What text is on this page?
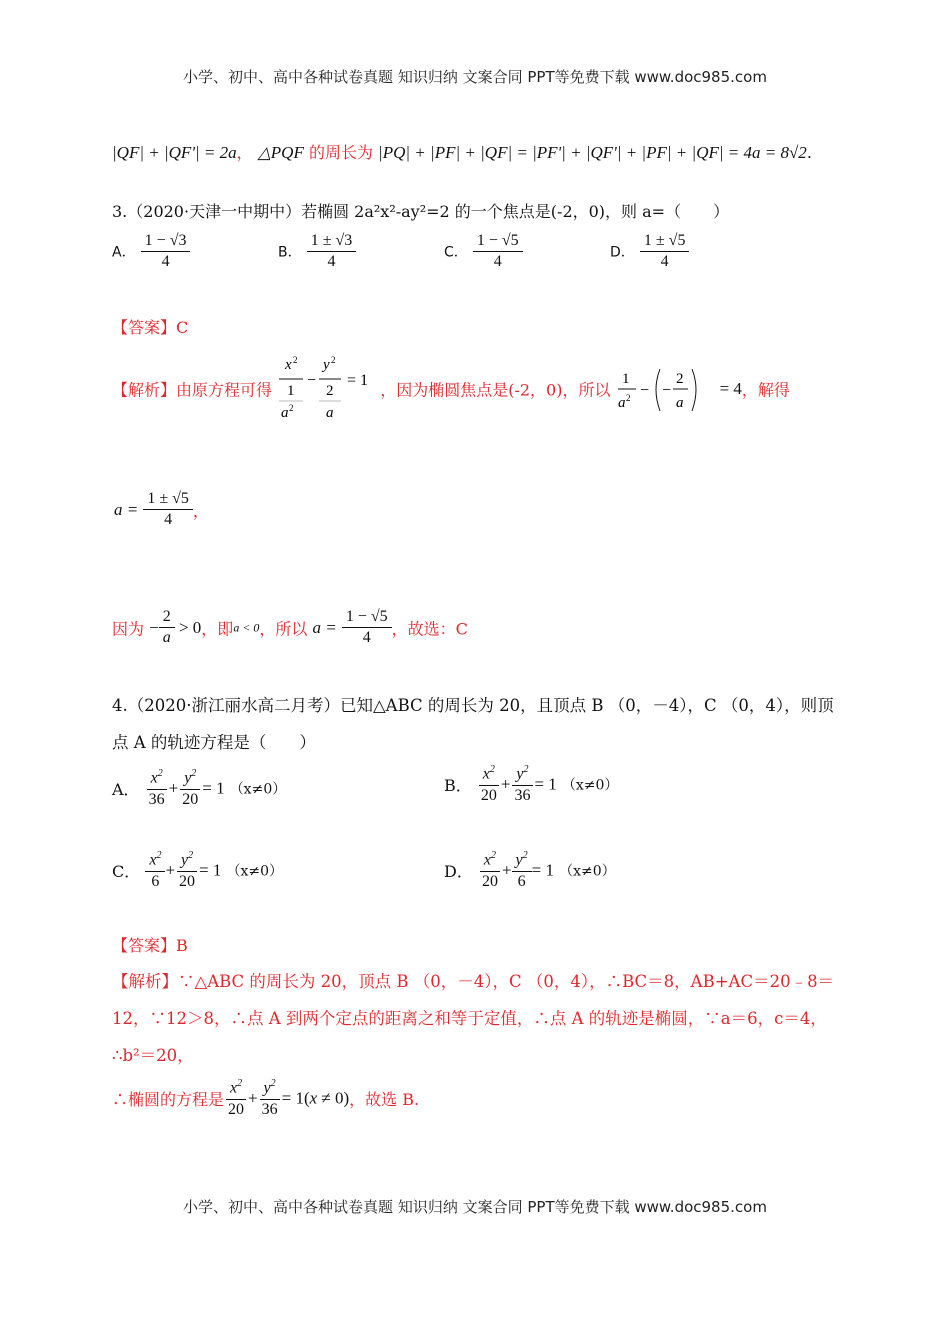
小学、初中、高中各种试卷真题 知识归纳 文案合同 PPT等免费下载 www.doc985.com
|QF| + |QF'| = 2a， △PQF 的周长为 |PQ| + |PF| + |QF| = |PF'| + |QF'| + |PF| + |QF| = 4a = 8√2.
3.（2020·天津一中期中）若椭圆 2a²x²-ay²=2 的一个焦点是(-2，0)，则 a=（　　）
A． $\frac{1 - √3}{4}$	B． $\frac{1 \pm √3}{4}$	C． $\frac{1 - √5}{4}$	D． $\frac{1 \pm √5}{4}$
【答案】C
【解析】由原方程可得
x 2
1
a 2
−
y 2
2
a
= 1 ，因为椭圆焦点是(-2，0)，所以
1
a 2 − −
2
a
= 4，解得
$a = \frac{1 \pm √5}{4}$ ，
因为 − $\frac{2}{a} > 0$，即a < 0，所以 $a = \frac{1 - √5}{4}$ ，故选：C
4.（2020·浙江丽水高二月考）已知△ABC 的周长为 20，且顶点 B （0，－4），C （0，4），则顶
点 A 的轨迹方程是（　　）
A． $\frac{x^2}{36} + \frac{y^2}{20} = 1$ （x≠0）	B． $\frac{x^2}{20} + \frac{y^2}{36} = 1$ （x≠0）
C． $\frac{x^2}{6} + \frac{y^2}{20} = 1$ （x≠0）	D． $\frac{x^2}{20} + \frac{y^2}{6} = 1$ （x≠0）
【答案】B
【解析】∵△ABC 的周长为 20，顶点 B （0，－4），C （0，4），∴BC＝8，AB+AC＝20﹣8＝
12，∵12＞8，∴点 A 到两个定点的距离之和等于定值，∴点 A 的轨迹是椭圆，∵a＝6，c＝4，
∴b²＝20，
∴椭圆的方程是 $\frac{x^2}{20} + \frac{y^2}{36} = 1(x \ne 0)$，故选 B.
小学、初中、高中各种试卷真题 知识归纳 文案合同 PPT等免费下载 www.doc985.com
